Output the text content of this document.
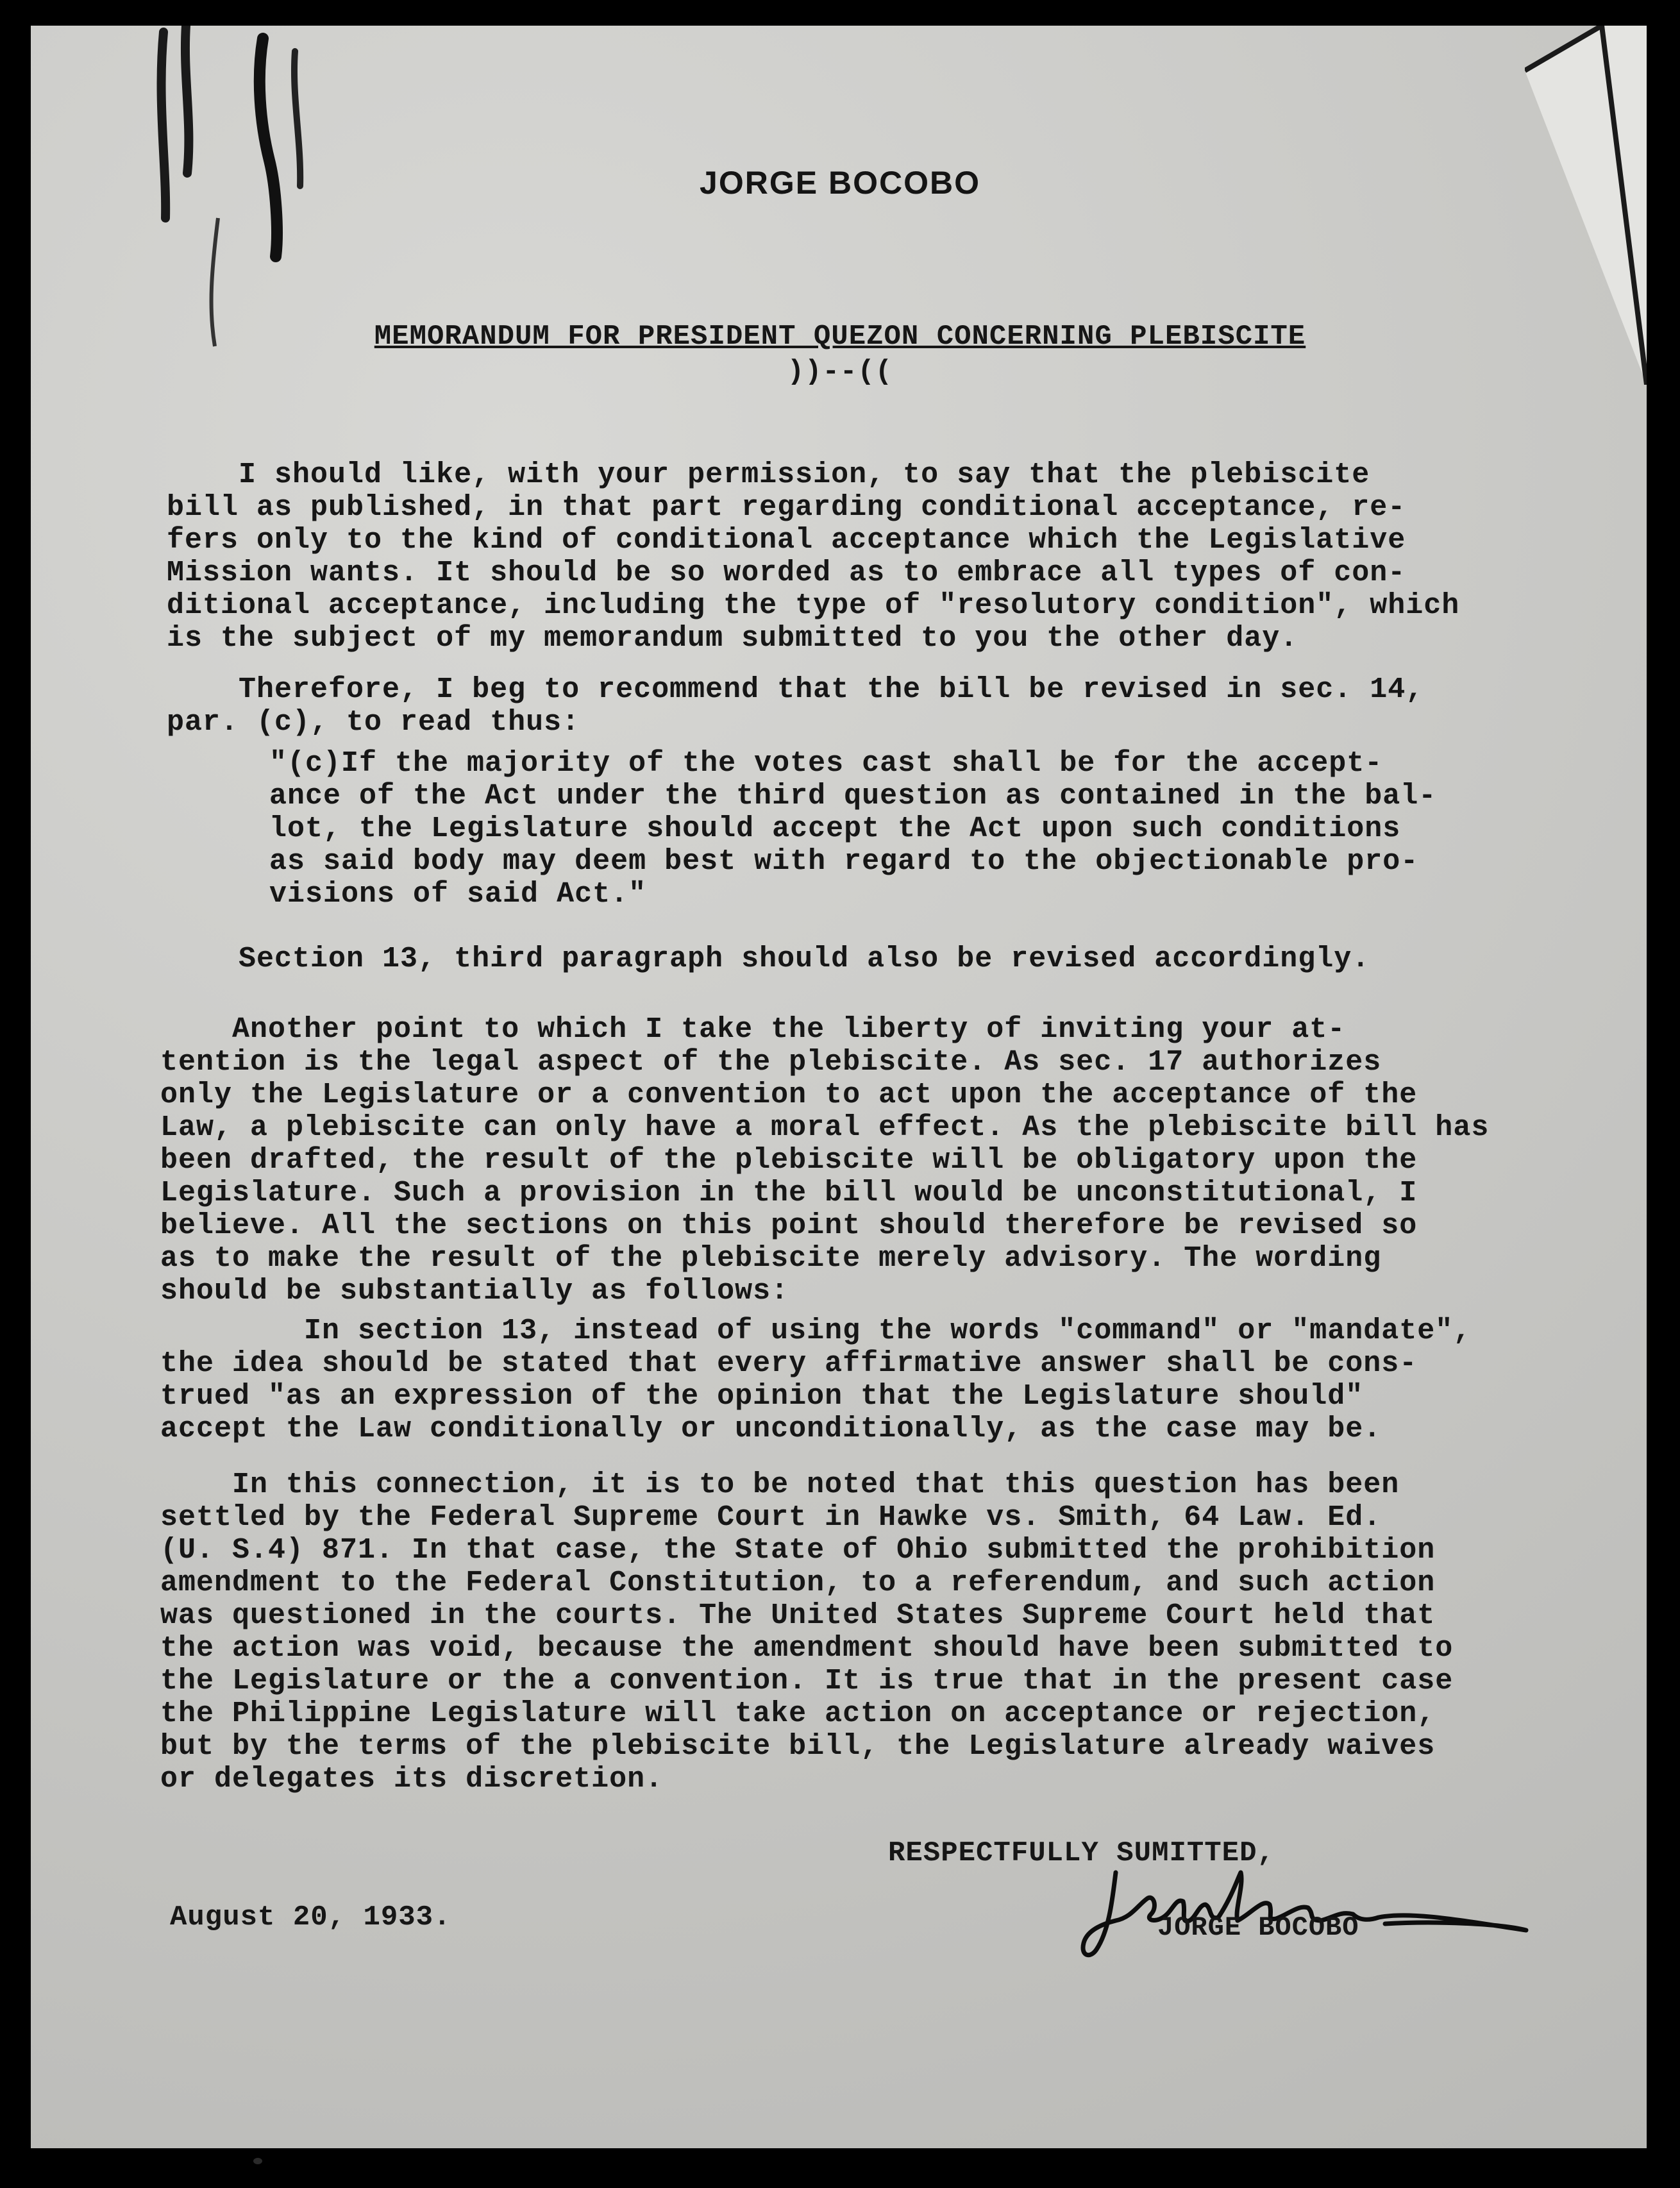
JORGE BOCOBO
MEMORANDUM FOR PRESIDENT QUEZON CONCERNING PLEBISCITE
))--((
I should like, with your permission, to say that the plebiscite
bill as published, in that part regarding conditional acceptance, re-
fers only to the kind of conditional acceptance which the Legislative
Mission wants. It should be so worded as to embrace all types of con-
ditional acceptance, including the type of "resolutory condition", which
is the subject of my memorandum submitted to you the other day.
Therefore, I beg to recommend that the bill be revised in sec. 14,
par. (c), to read thus:
"(c)If the majority of the votes cast shall be for the accept-
ance of the Act under the third question as contained in the bal-
lot, the Legislature should accept the Act upon such conditions
as said body may deem best with regard to the objectionable pro-
visions of said Act."
Section 13, third paragraph should also be revised accordingly.
Another point to which I take the liberty of inviting your at-
tention is the legal aspect of the plebiscite. As sec. 17 authorizes
only the Legislature or a convention to act upon the acceptance of the
Law, a plebiscite can only have a moral effect. As the plebiscite bill has
been drafted, the result of the plebiscite will be obligatory upon the
Legislature. Such a provision in the bill would be unconstitutional, I
believe. All the sections on this point should therefore be revised so
as to make the result of the plebiscite merely advisory. The wording
should be substantially as follows:
In section 13, instead of using the words "command" or "mandate",
the idea should be stated that every affirmative answer shall be cons-
trued "as an expression of the opinion that the Legislature should"
accept the Law conditionally or unconditionally, as the case may be.
In this connection, it is to be noted that this question has been
settled by the Federal Supreme Court in Hawke vs. Smith, 64 Law. Ed.
(U. S.4) 871. In that case, the State of Ohio submitted the prohibition
amendment to the Federal Constitution, to a referendum, and such action
was questioned in the courts. The United States Supreme Court held that
the action was void, because the amendment should have been submitted to
the Legislature or the a convention. It is true that in the present case
the Philippine Legislature will take action on acceptance or rejection,
but by the terms of the plebiscite bill, the Legislature already waives
or delegates its discretion.
RESPECTFULLY SUMITTED,
JORGE BOCOBO
August 20, 1933.
